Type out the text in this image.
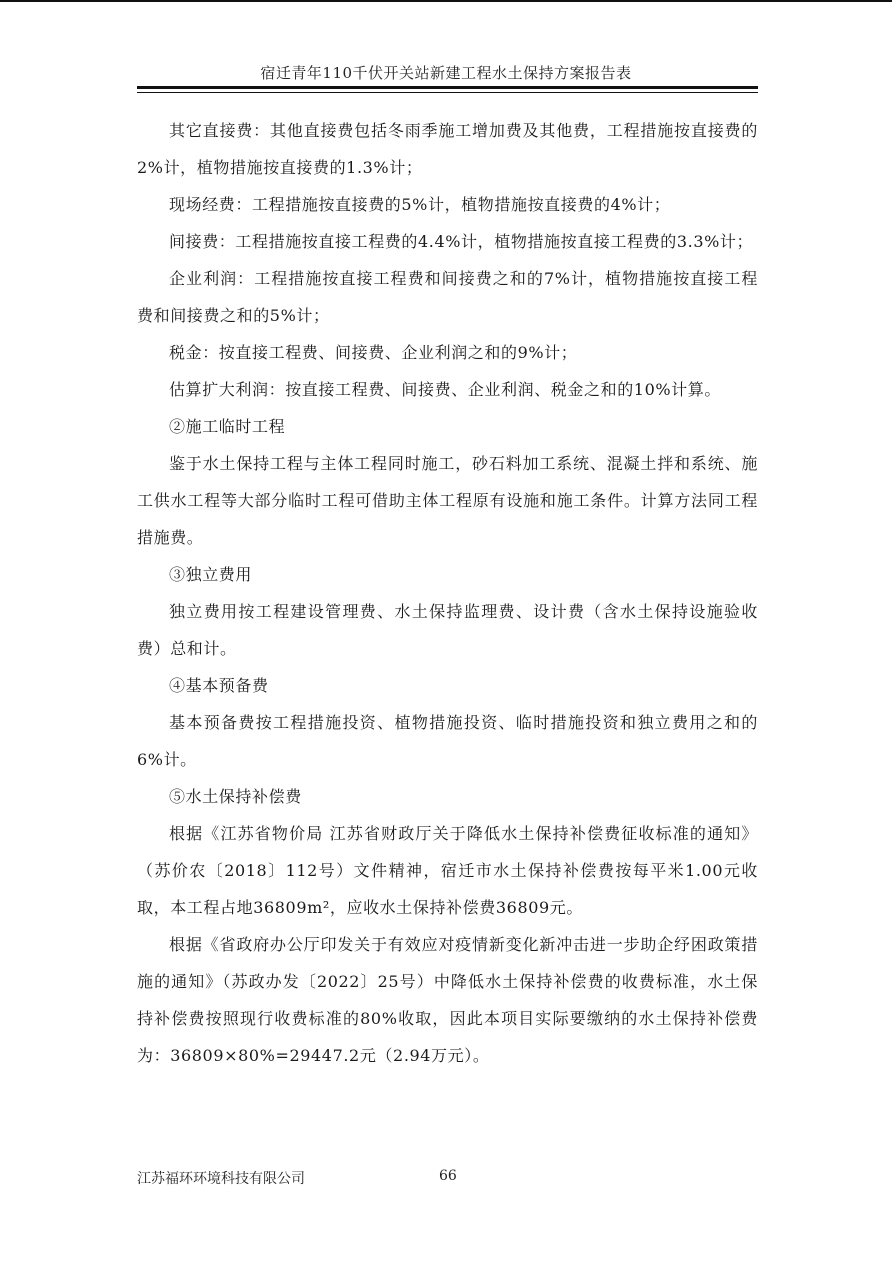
宿迁青年110千伏开关站新建工程水土保持方案报告表

其它直接费：其他直接费包括冬雨季施工增加费及其他费，工程措施按直接费的2%计，植物措施按直接费的1.3%计；

现场经费：工程措施按直接费的5%计，植物措施按直接费的4%计；

间接费：工程措施按直接工程费的4.4%计，植物措施按直接工程费的3.3%计；

企业利润：工程措施按直接工程费和间接费之和的7%计，植物措施按直接工程费和间接费之和的5%计；

税金：按直接工程费、间接费、企业利润之和的9%计；

估算扩大利润：按直接工程费、间接费、企业利润、税金之和的10%计算。

②施工临时工程

鉴于水土保持工程与主体工程同时施工，砂石料加工系统、混凝土拌和系统、施工供水工程等大部分临时工程可借助主体工程原有设施和施工条件。计算方法同工程措施费。

③独立费用

独立费用按工程建设管理费、水土保持监理费、设计费（含水土保持设施验收费）总和计。

④基本预备费

基本预备费按工程措施投资、植物措施投资、临时措施投资和独立费用之和的6%计。

⑤水土保持补偿费

根据《江苏省物价局 江苏省财政厅关于降低水土保持补偿费征收标准的通知》（苏价农〔2018〕112号）文件精神，宿迁市水土保持补偿费按每平米1.00元收取，本工程占地36809m²，应收水土保持补偿费36809元。

根据《省政府办公厅印发关于有效应对疫情新变化新冲击进一步助企纾困政策措施的通知》（苏政办发〔2022〕25号）中降低水土保持补偿费的收费标准，水土保持补偿费按照现行收费标准的80%收取，因此本项目实际要缴纳的水土保持补偿费为：36809×80%=29447.2元（2.94万元）。

江苏福环环境科技有限公司	66
